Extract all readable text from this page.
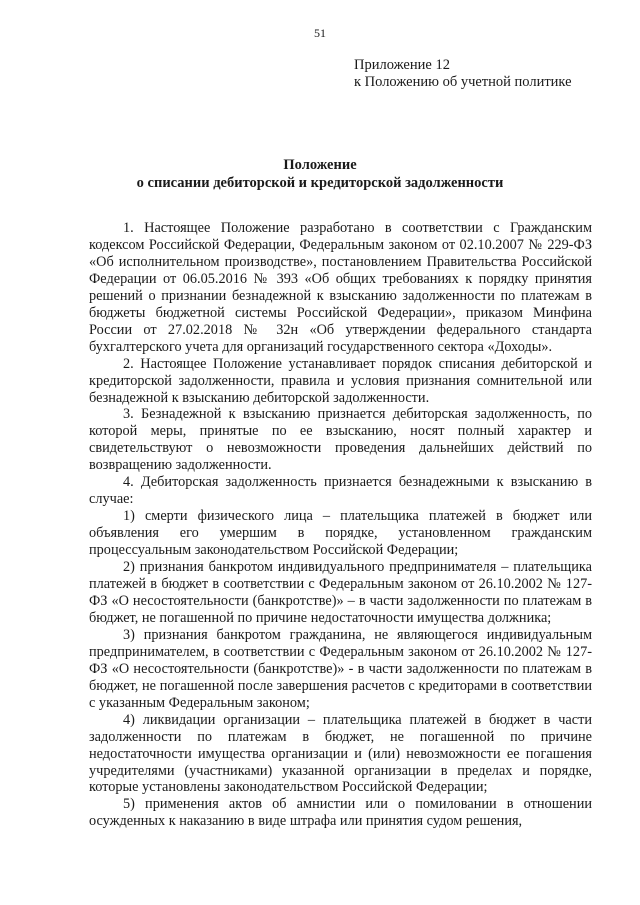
51
Приложение 12
к Положению об учетной политике
Положение
о списании дебиторской и кредиторской задолженности

1. Настоящее Положение разработано в соответствии с Гражданским кодексом Российской Федерации, Федеральным законом от 02.10.2007 № 229-ФЗ «Об исполнительном производстве», постановлением Правительства Российской Федерации от 06.05.2016 № 393 «Об общих требованиях к порядку принятия решений о признании безнадежной к взысканию задолженности по платежам в бюджеты бюджетной системы Российской Федерации», приказом Минфина России от 27.02.2018 № 32н «Об утверждении федерального стандарта бухгалтерского учета для организаций государственного сектора «Доходы».

2. Настоящее Положение устанавливает порядок списания дебиторской и кредиторской задолженности, правила и условия признания сомнительной или безнадежной к взысканию дебиторской задолженности.

3. Безнадежной к взысканию признается дебиторская задолженность, по которой меры, принятые по ее взысканию, носят полный характер и свидетельствуют о невозможности проведения дальнейших действий по возвращению задолженности.

4. Дебиторская задолженность признается безнадежными к взысканию в случае:

1) смерти физического лица – плательщика платежей в бюджет или объявления его умершим в порядке, установленном гражданским процессуальным законодательством Российской Федерации;

2) признания банкротом индивидуального предпринимателя – плательщика платежей в бюджет в соответствии с Федеральным законом от 26.10.2002 № 127-ФЗ «О несостоятельности (банкротстве)» – в части задолженности по платежам в бюджет, не погашенной по причине недостаточности имущества должника;

3) признания банкротом гражданина, не являющегося индивидуальным предпринимателем, в соответствии с Федеральным законом от 26.10.2002 № 127-ФЗ «О несостоятельности (банкротстве)» - в части задолженности по платежам в бюджет, не погашенной после завершения расчетов с кредиторами в соответствии с указанным Федеральным законом;

4) ликвидации организации – плательщика платежей в бюджет в части задолженности по платежам в бюджет, не погашенной по причине недостаточности имущества организации и (или) невозможности ее погашения учредителями (участниками) указанной организации в пределах и порядке, которые установлены законодательством Российской Федерации;

5) применения актов об амнистии или о помиловании в отношении осужденных к наказанию в виде штрафа или принятия судом решения,
